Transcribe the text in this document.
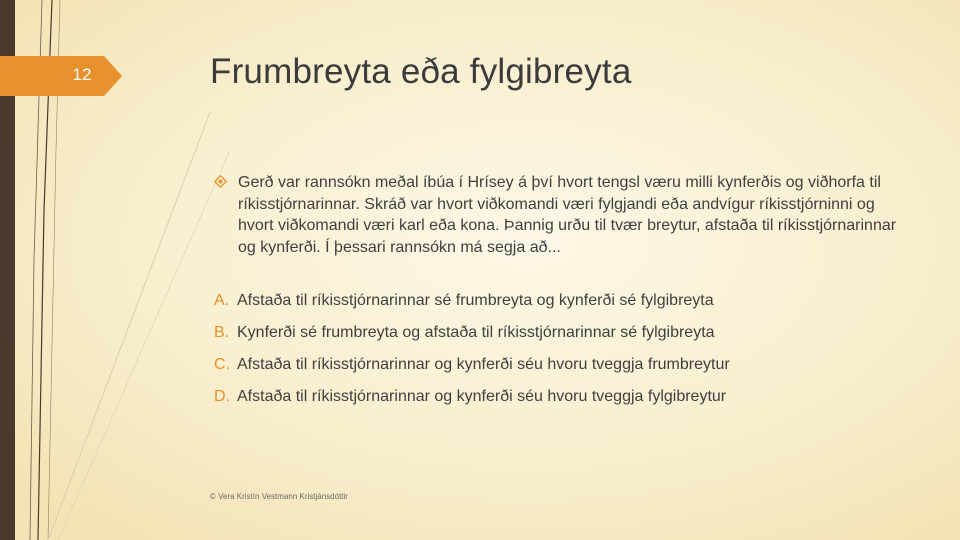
12	Frumbreyta eða fylgibreyta
Gerð var rannsókn meðal íbúa í Hrísey á því hvort tengsl væru milli kynferðis og viðhorfa til ríkisstjórnarinnar. Skráð var hvort viðkomandi væri fylgjandi eða andvígur ríkisstjórninni og hvort viðkomandi væri karl eða kona. Þannig urðu til tvær breytur, afstaða til ríkisstjórnarinnar og kynferði. Í þessari rannsókn má segja að...
A. Afstaða til ríkisstjórnarinnar sé frumbreyta og kynferði sé fylgibreyta
B. Kynferði sé frumbreyta og afstaða til ríkisstjórnarinnar sé fylgibreyta
C. Afstaða til ríkisstjórnarinnar og kynferði séu hvoru tveggja frumbreytur
D. Afstaða til ríkisstjórnarinnar og kynferði séu hvoru tveggja fylgibreytur
© Vera Kristín Vestmann Kristjánsdóttir
